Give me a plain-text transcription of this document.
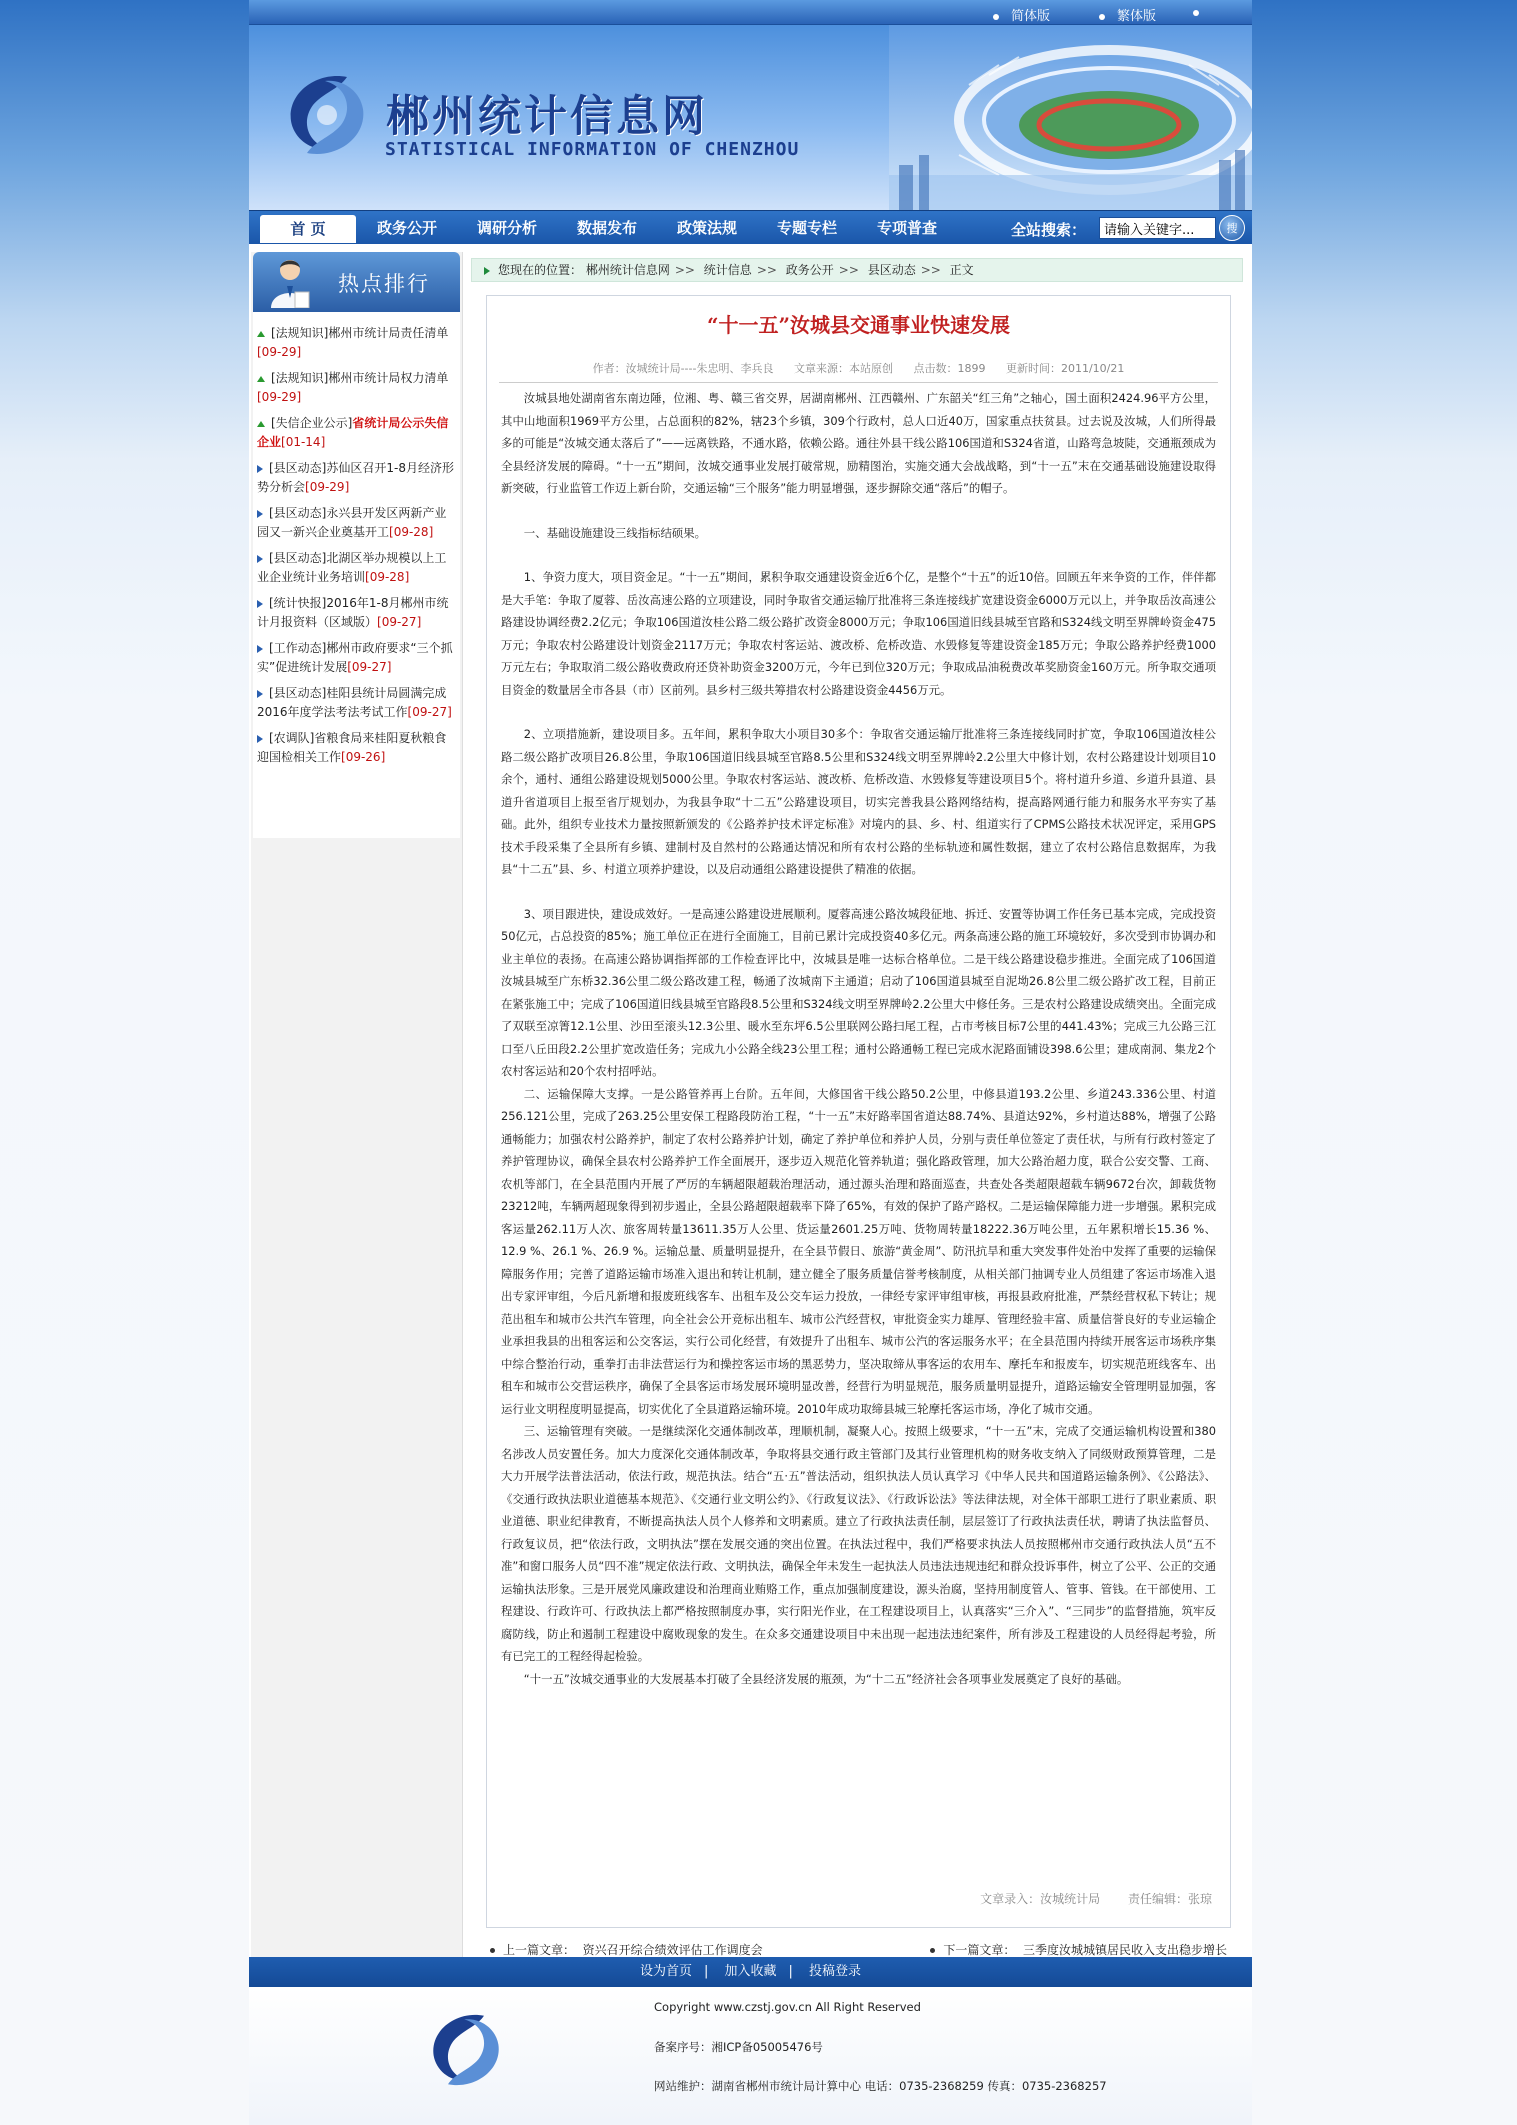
简体版	繁体版
郴州统计信息网
STATISTICAL INFORMATION OF CHENZHOU
首 页	政务公开	调研分析	数据发布	政策法规	专题专栏	专项普查	全站搜索：
请输入关键字...	搜
热点排行
[法规知识]郴州市统计局责任清单[09-29]
[法规知识]郴州市统计局权力清单[09-29]
[失信企业公示]省统计局公示失信企业[01-14]
[县区动态]苏仙区召开1-8月经济形势分析会[09-29]
[县区动态]永兴县开发区两新产业园又一新兴企业奠基开工[09-28]
[县区动态]北湖区举办规模以上工业企业统计业务培训[09-28]
[统计快报]2016年1-8月郴州市统计月报资料（区域版）[09-27]
[工作动态]郴州市政府要求“三个抓实”促进统计发展[09-27]
[县区动态]桂阳县统计局圆满完成2016年度学法考法考试工作[09-27]
[农调队]省粮食局来桂阳夏秋粮食迎国检相关工作[09-26]
您现在的位置： 郴州统计信息网 >> 统计信息 >> 政务公开 >> 县区动态 >> 正文
“十一五”汝城县交通事业快速发展
作者：汝城统计局----朱忠明、李兵良 文章来源：本站原创 点击数：1899 更新时间：2011/10/21

汝城县地处湖南省东南边陲，位湘、粤、赣三省交界，居湖南郴州、江西赣州、广东韶关“红三角”之轴心，国土面积2424.96平方公里，其中山地面积1969平方公里，占总面积的82%，辖23个乡镇，309个行政村，总人口近40万，国家重点扶贫县。过去说及汝城，人们所得最多的可能是“汝城交通太落后了”——远离铁路，不通水路，依赖公路。通往外县干线公路106国道和S324省道，山路弯急坡陡，交通瓶颈成为全县经济发展的障碍。“十一五”期间，汝城交通事业发展打破常规，励精图治，实施交通大会战战略，到“十一五”末在交通基础设施建设取得新突破，行业监管工作迈上新台阶，交通运输“三个服务”能力明显增强，逐步摒除交通“落后”的帽子。

一、基础设施建设三线指标结硕果。

1、争资力度大，项目资金足。“十一五”期间，累积争取交通建设资金近6个亿，是整个“十五”的近10倍。回顾五年来争资的工作，伴伴都是大手笔：争取了厦蓉、岳汝高速公路的立项建设，同时争取省交通运输厅批准将三条连接线扩宽建设资金6000万元以上，并争取岳汝高速公路建设协调经费2.2亿元；争取106国道汝桂公路二级公路扩改资金8000万元；争取106国道旧线县城至官路和S324线文明至界牌岭资金475万元；争取农村公路建设计划资金2117万元；争取农村客运站、渡改桥、危桥改造、水毁修复等建设资金185万元；争取公路养护经费1000万元左右；争取取消二级公路收费政府还贷补助资金3200万元，今年已到位320万元；争取成品油税费改革奖励资金160万元。所争取交通项目资金的数量居全市各县（市）区前列。县乡村三级共筹措农村公路建设资金4456万元。

2、立项措施新，建设项目多。五年间，累积争取大小项目30多个：争取省交通运输厅批准将三条连接线同时扩宽，争取106国道汝桂公路二级公路扩改项目26.8公里，争取106国道旧线县城至官路8.5公里和S324线文明至界牌岭2.2公里大中修计划，农村公路建设计划项目10余个，通村、通组公路建设规划5000公里。争取农村客运站、渡改桥、危桥改造、水毁修复等建设项目5个。将村道升乡道、乡道升县道、县道升省道项目上报至省厅规划办，为我县争取“十二五”公路建设项目，切实完善我县公路网络结构，提高路网通行能力和服务水平夯实了基础。此外，组织专业技术力量按照新颁发的《公路养护技术评定标准》对境内的县、乡、村、组道实行了CPMS公路技术状况评定，采用GPS技术手段采集了全县所有乡镇、建制村及自然村的公路通达情况和所有农村公路的坐标轨迹和属性数据，建立了农村公路信息数据库，为我县“十二五”县、乡、村道立项养护建设，以及启动通组公路建设提供了精准的依据。

3、项目跟进快，建设成效好。一是高速公路建设进展顺利。厦蓉高速公路汝城段征地、拆迁、安置等协调工作任务已基本完成，完成投资50亿元，占总投资的85%；施工单位正在进行全面施工，目前已累计完成投资40多亿元。两条高速公路的施工环境较好，多次受到市协调办和业主单位的表扬。在高速公路协调指挥部的工作检查评比中，汝城县是唯一达标合格单位。二是干线公路建设稳步推进。全面完成了106国道汝城县城至广东桥32.36公里二级公路改建工程，畅通了汝城南下主通道；启动了106国道县城至自泥坳26.8公里二级公路扩改工程，目前正在紧张施工中；完成了106国道旧线县城至官路段8.5公里和S324线文明至界牌岭2.2公里大中修任务。三是农村公路建设成绩突出。全面完成了双联至凉箐12.1公里、沙田至滚头12.3公里、暖水至东坪6.5公里联网公路扫尾工程，占市考核目标7公里的441.43%；完成三九公路三江口至八丘田段2.2公里扩宽改造任务；完成九小公路全线23公里工程；通村公路通畅工程已完成水泥路面铺设398.6公里；建成南洞、集龙2个农村客运站和20个农村招呼站。

二、运输保障大支撑。一是公路管养再上台阶。五年间，大修国省干线公路50.2公里，中修县道193.2公里、乡道243.336公里、村道256.121公里，完成了263.25公里安保工程路段防治工程，“十一五”末好路率国省道达88.74%、县道达92%，乡村道达88%，增强了公路通畅能力；加强农村公路养护，制定了农村公路养护计划，确定了养护单位和养护人员，分别与责任单位签定了责任状，与所有行政村签定了养护管理协议，确保全县农村公路养护工作全面展开，逐步迈入规范化管养轨道；强化路政管理，加大公路治超力度，联合公安交警、工商、农机等部门，在全县范围内开展了严厉的车辆超限超载治理活动，通过源头治理和路面巡查，共查处各类超限超载车辆9672台次，卸载货物23212吨，车辆两超现象得到初步遏止，全县公路超限超载率下降了65%，有效的保护了路产路权。二是运输保障能力进一步增强。累积完成客运量262.11万人次、旅客周转量13611.35万人公里、货运量2601.25万吨、货物周转量18222.36万吨公里，五年累积增长15.36 %、12.9 %、26.1 %、26.9 %。运输总量、质量明显提升，在全县节假日、旅游“黄金周”、防汛抗旱和重大突发事件处治中发挥了重要的运输保障服务作用；完善了道路运输市场准入退出和转让机制，建立健全了服务质量信誉考核制度，从相关部门抽调专业人员组建了客运市场准入退出专家评审组，今后凡新增和报废班线客车、出租车及公交车运力投放，一律经专家评审组审核，再报县政府批准，严禁经营权私下转让；规范出租车和城市公共汽车管理，向全社会公开竞标出租车、城市公汽经营权，审批资金实力雄厚、管理经验丰富、质量信誉良好的专业运输企业承担我县的出租客运和公交客运，实行公司化经营，有效提升了出租车、城市公汽的客运服务水平；在全县范围内持续开展客运市场秩序集中综合整治行动，重拳打击非法营运行为和操控客运市场的黑恶势力，坚决取缔从事客运的农用车、摩托车和报废车，切实规范班线客车、出租车和城市公交营运秩序，确保了全县客运市场发展环境明显改善，经营行为明显规范，服务质量明显提升，道路运输安全管理明显加强，客运行业文明程度明显提高，切实优化了全县道路运输环境。2010年成功取缔县城三轮摩托客运市场，净化了城市交通。

三、运输管理有突破。一是继续深化交通体制改革，理顺机制，凝聚人心。按照上级要求，“十一五”末，完成了交通运输机构设置和380名涉改人员安置任务。加大力度深化交通体制改革，争取将县交通行政主管部门及其行业管理机构的财务收支纳入了同级财政预算管理，二是大力开展学法普法活动，依法行政，规范执法。结合“五·五”普法活动，组织执法人员认真学习《中华人民共和国道路运输条例》、《公路法》、《交通行政执法职业道德基本规范》、《交通行业文明公约》、《行政复议法》、《行政诉讼法》等法律法规，对全体干部职工进行了职业素质、职业道德、职业纪律教育，不断提高执法人员个人修养和文明素质。建立了行政执法责任制，层层签订了行政执法责任状，聘请了执法监督员、行政复议员，把“依法行政，文明执法”摆在发展交通的突出位置。在执法过程中，我们严格要求执法人员按照郴州市交通行政执法人员“五不准”和窗口服务人员“四不准”规定依法行政、文明执法，确保全年未发生一起执法人员违法违规违纪和群众投诉事件，树立了公平、公正的交通运输执法形象。三是开展党风廉政建设和治理商业贿赂工作，重点加强制度建设，源头治腐，坚持用制度管人、管事、管钱。在干部使用、工程建设、行政许可、行政执法上都严格按照制度办事，实行阳光作业，在工程建设项目上，认真落实“三介入”、“三同步”的监督措施，筑牢反腐防线，防止和遏制工程建设中腐败现象的发生。在众多交通建设项目中未出现一起违法违纪案件，所有涉及工程建设的人员经得起考验，所有已完工的工程经得起检验。

“十一五”汝城交通事业的大发展基本打破了全县经济发展的瓶颈，为“十二五”经济社会各项事业发展奠定了良好的基础。

文章录入：汝城统计局 责任编辑：张琼
上一篇文章： 资兴召开综合绩效评估工作调度会	下一篇文章： 三季度汝城城镇居民收入支出稳步增长
设为首页 | 加入收藏 | 投稿登录
Copyright www.czstj.gov.cn All Right Reserved
备案序号：湘ICP备05005476号
网站维护：湖南省郴州市统计局计算中心 电话：0735-2368259 传真：0735-2368257
